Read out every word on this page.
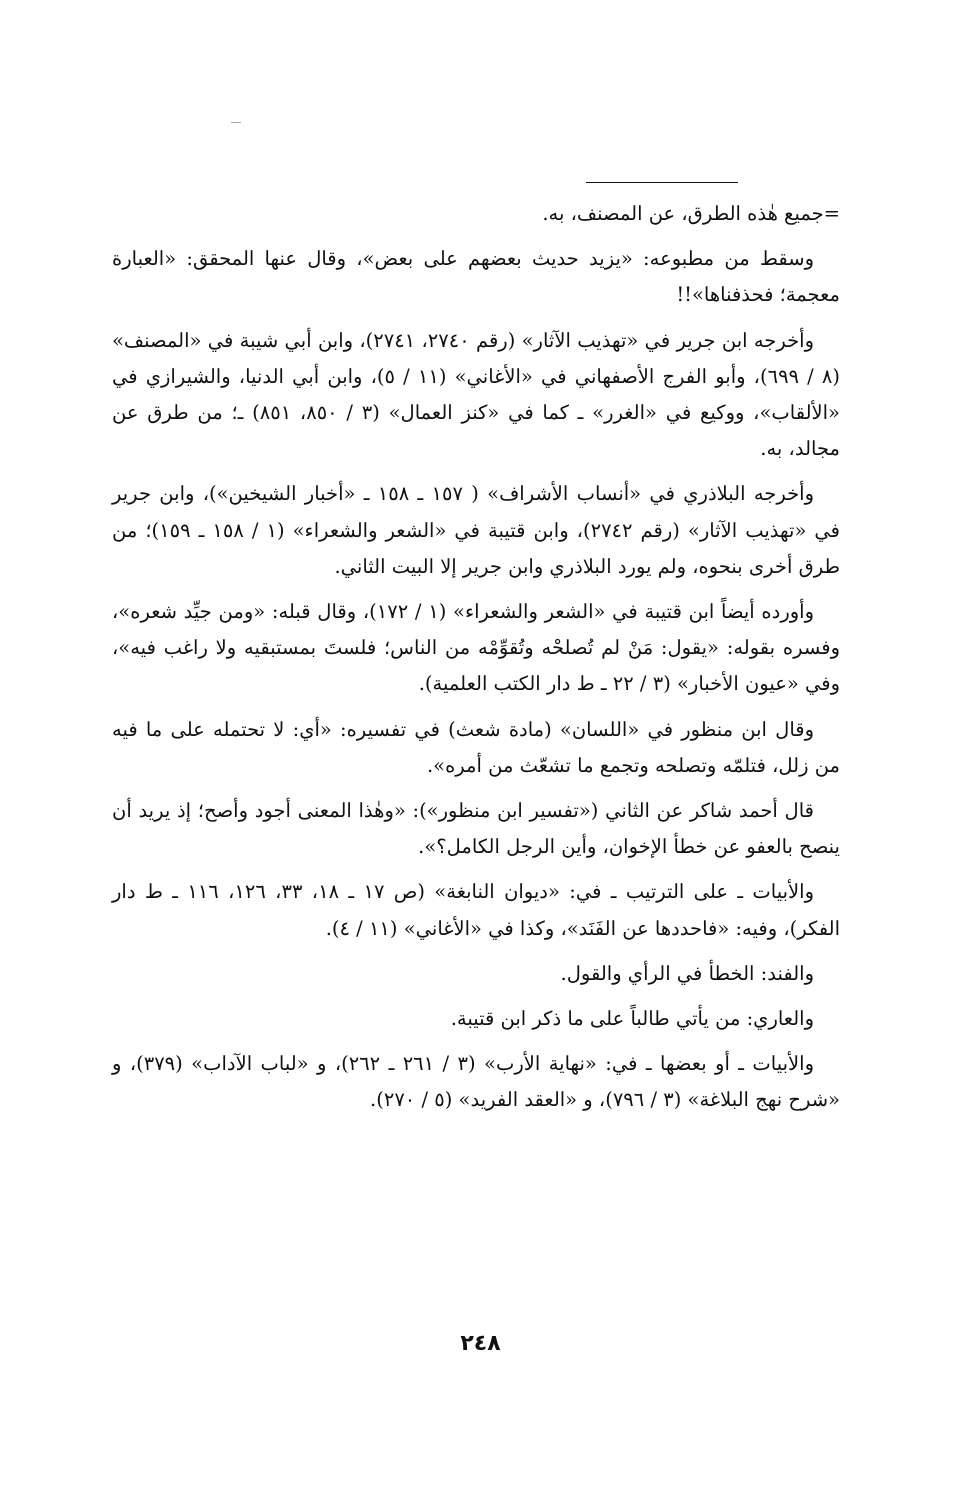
=جميع هٰذه الطرق، عن المصنف، به.

وسقط من مطبوعه: «يزيد حديث بعضهم على بعض»، وقال عنها المحقق: «العبارة معجمة؛ فحذفناها»!!

وأخرجه ابن جرير في «تهذيب الآثار» (رقم ٢٧٤٠، ٢٧٤١)، وابن أبي شيبة في «المصنف» (٨ / ٦٩٩)، وأبو الفرج الأصفهاني في «الأغاني» (١١ / ٥)، وابن أبي الدنيا، والشيرازي في «الألقاب»، ووكيع في «الغرر» ـ كما في «كنز العمال» (٣ / ٨٥٠، ٨٥١) ـ؛ من طرق عن مجالد، به.

وأخرجه البلاذري في «أنساب الأشراف» ( ١٥٧ ـ ١٥٨ ـ «أخبار الشيخين»)، وابن جرير في «تهذيب الآثار» (رقم ٢٧٤٢)، وابن قتيبة في «الشعر والشعراء» (١ / ١٥٨ ـ ١٥٩)؛ من طرق أخرى بنحوه، ولم يورد البلاذري وابن جرير إلا البيت الثاني.

وأورده أيضاً ابن قتيبة في «الشعر والشعراء» (١ / ١٧٢)، وقال قبله: «ومن جيِّد شعره»، وفسره بقوله: «يقول: مَنْ لم تُصلحْه وتُقوِّمْه من الناس؛ فلستَ بمستبقيه ولا راغب فيه»، وفي «عيون الأخبار» (٣ / ٢٢ ـ ط دار الكتب العلمية).

وقال ابن منظور في «اللسان» (مادة شعث) في تفسيره: «أي: لا تحتمله على ما فيه من زلل، فتلمّه وتصلحه وتجمع ما تشعّث من أمره».

قال أحمد شاكر عن الثاني («تفسير ابن منظور»): «وهٰذا المعنى أجود وأصح؛ إذ يريد أن ينصح بالعفو عن خطأ الإخوان، وأين الرجل الكامل؟».

والأبيات ـ على الترتيب ـ في: «ديوان النابغة» (ص ١٧ ـ ١٨، ٣٣، ١٢٦، ١١٦ ـ ط دار الفكر)، وفيه: «فاحددها عن الفَنَد»، وكذا في «الأغاني» (١١ / ٤).

والفند: الخطأ في الرأي والقول.

والعاري: من يأتي طالباً على ما ذكر ابن قتيبة.

والأبيات ـ أو بعضها ـ في: «نهاية الأرب» (٣ / ٢٦١ ـ ٢٦٢)، و «لباب الآداب» (٣٧٩)، و «شرح نهج البلاغة» (٣ / ٧٩٦)، و «العقد الفريد» (٥ / ٢٧٠).

٢٤٨
